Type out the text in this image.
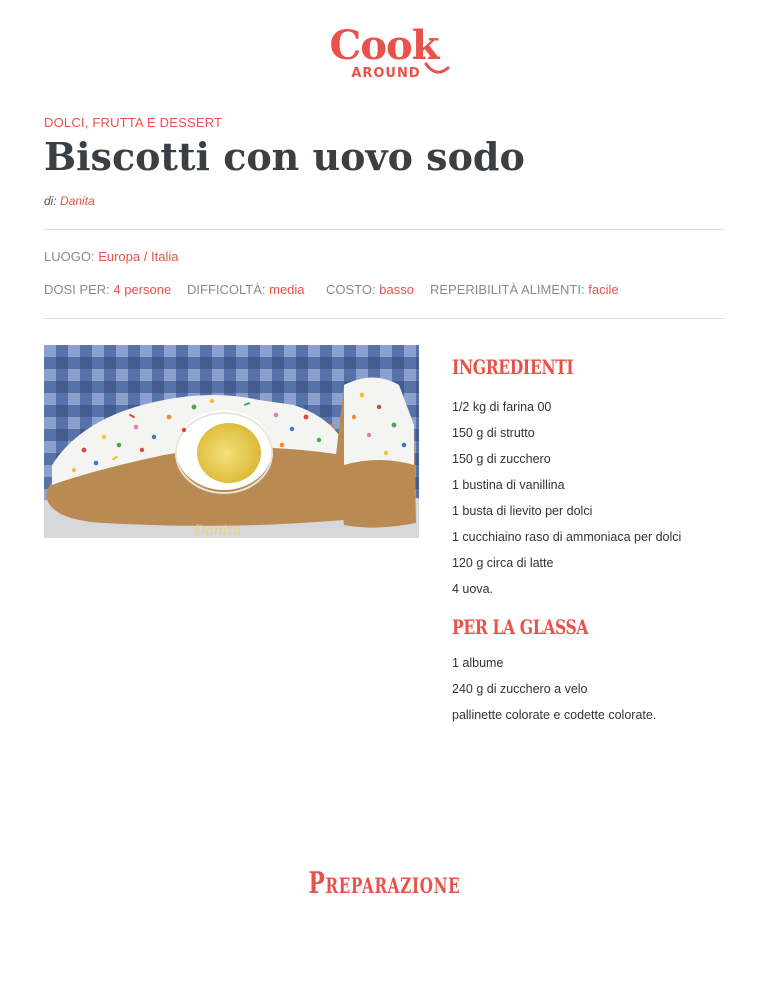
Cook
AROUND
DOLCI, FRUTTA E DESSERT
Biscotti con uovo sodo
di: Danita
LUOGO: Europa / Italia
DOSI PER: 4 persone DIFFICOLTÀ: media COSTO: basso REPERIBILITÀ ALIMENTI: facile
Danita
INGREDIENTI
1/2 kg di farina 00
150 g di strutto
150 g di zucchero
1 bustina di vanillina
1 busta di lievito per dolci
1 cucchiaino raso di ammoniaca per dolci
120 g circa di latte
4 uova.
PER LA GLASSA
1 albume
240 g di zucchero a velo
pallinette colorate e codette colorate.
Preparazione
